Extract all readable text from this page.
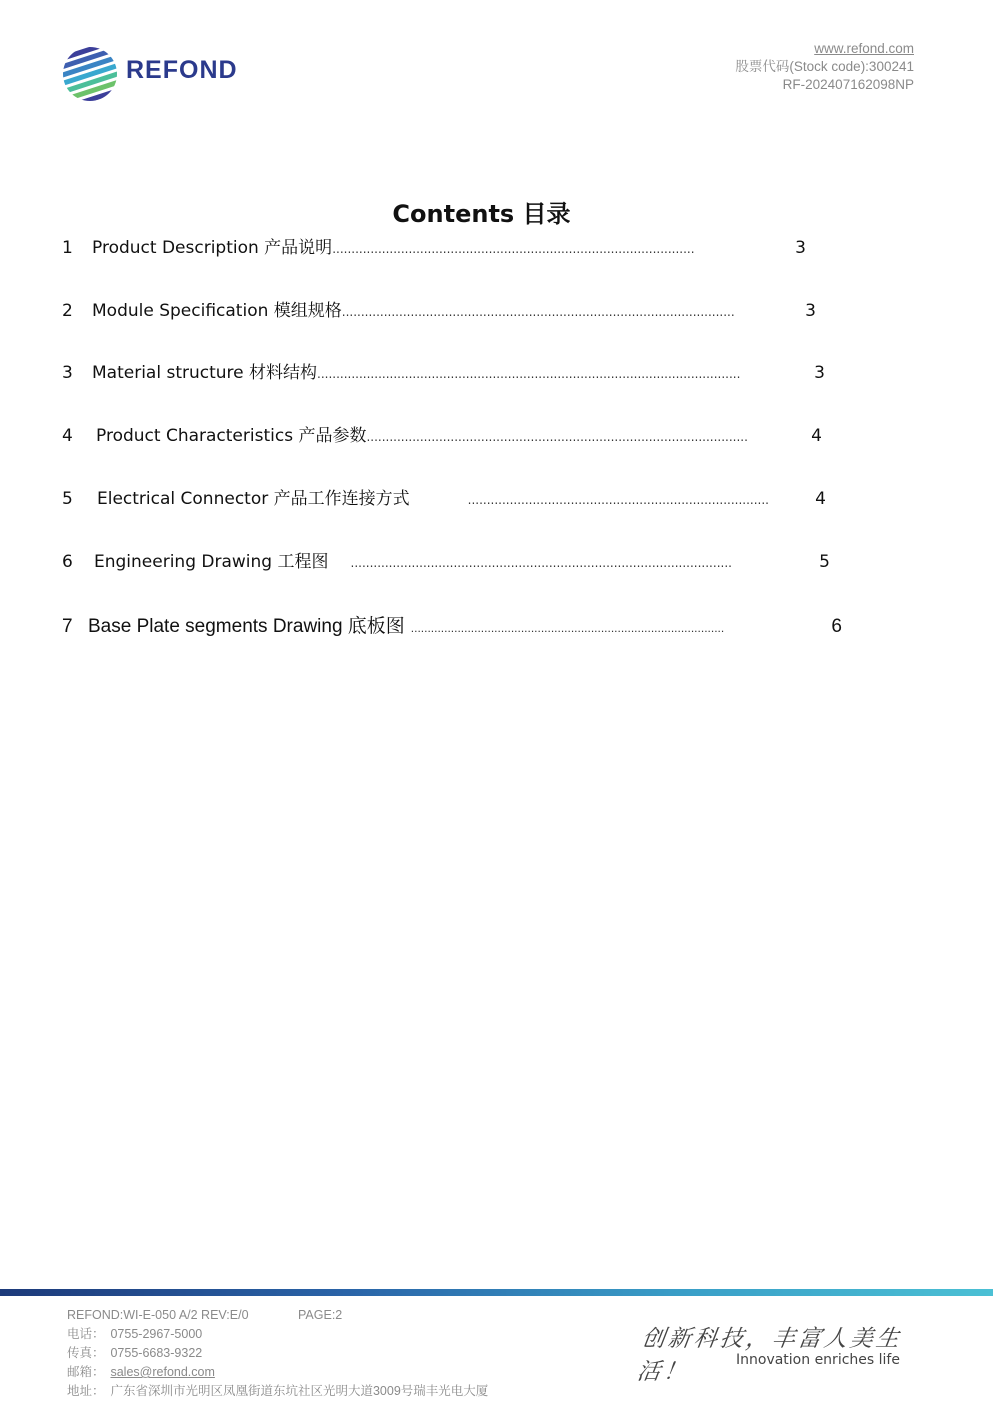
REFOND
www.refond.com
股票代码(Stock code):300241
RF-202407162098NP
Contents 目录
1	Product Description 产品说明 ...............................................................................................	3
2	Module Specification 模组规格 .......................................................................................................	3
3	Material structure 材料结构 ...............................................................................................................	3
4	Product Characteristics 产品参数 ....................................................................................................	4
5	Electrical Connector 产品工作连接方式	...............................................................................	4
6	Engineering Drawing 工程图 ....................................................................................................	5
7 Base Plate segments Drawing 底板图 ..............................................................................................	6
REFOND:WI-E-050 A/2 REV:E/0	PAGE:2
电话： 0755-2967-5000
传真： 0755-6683-9322
邮箱： sales@refond.com
地址： 广东省深圳市光明区凤凰街道东坑社区光明大道3009号瑞丰光电大厦
创新科技，丰富人美生活！	Innovation enriches life
